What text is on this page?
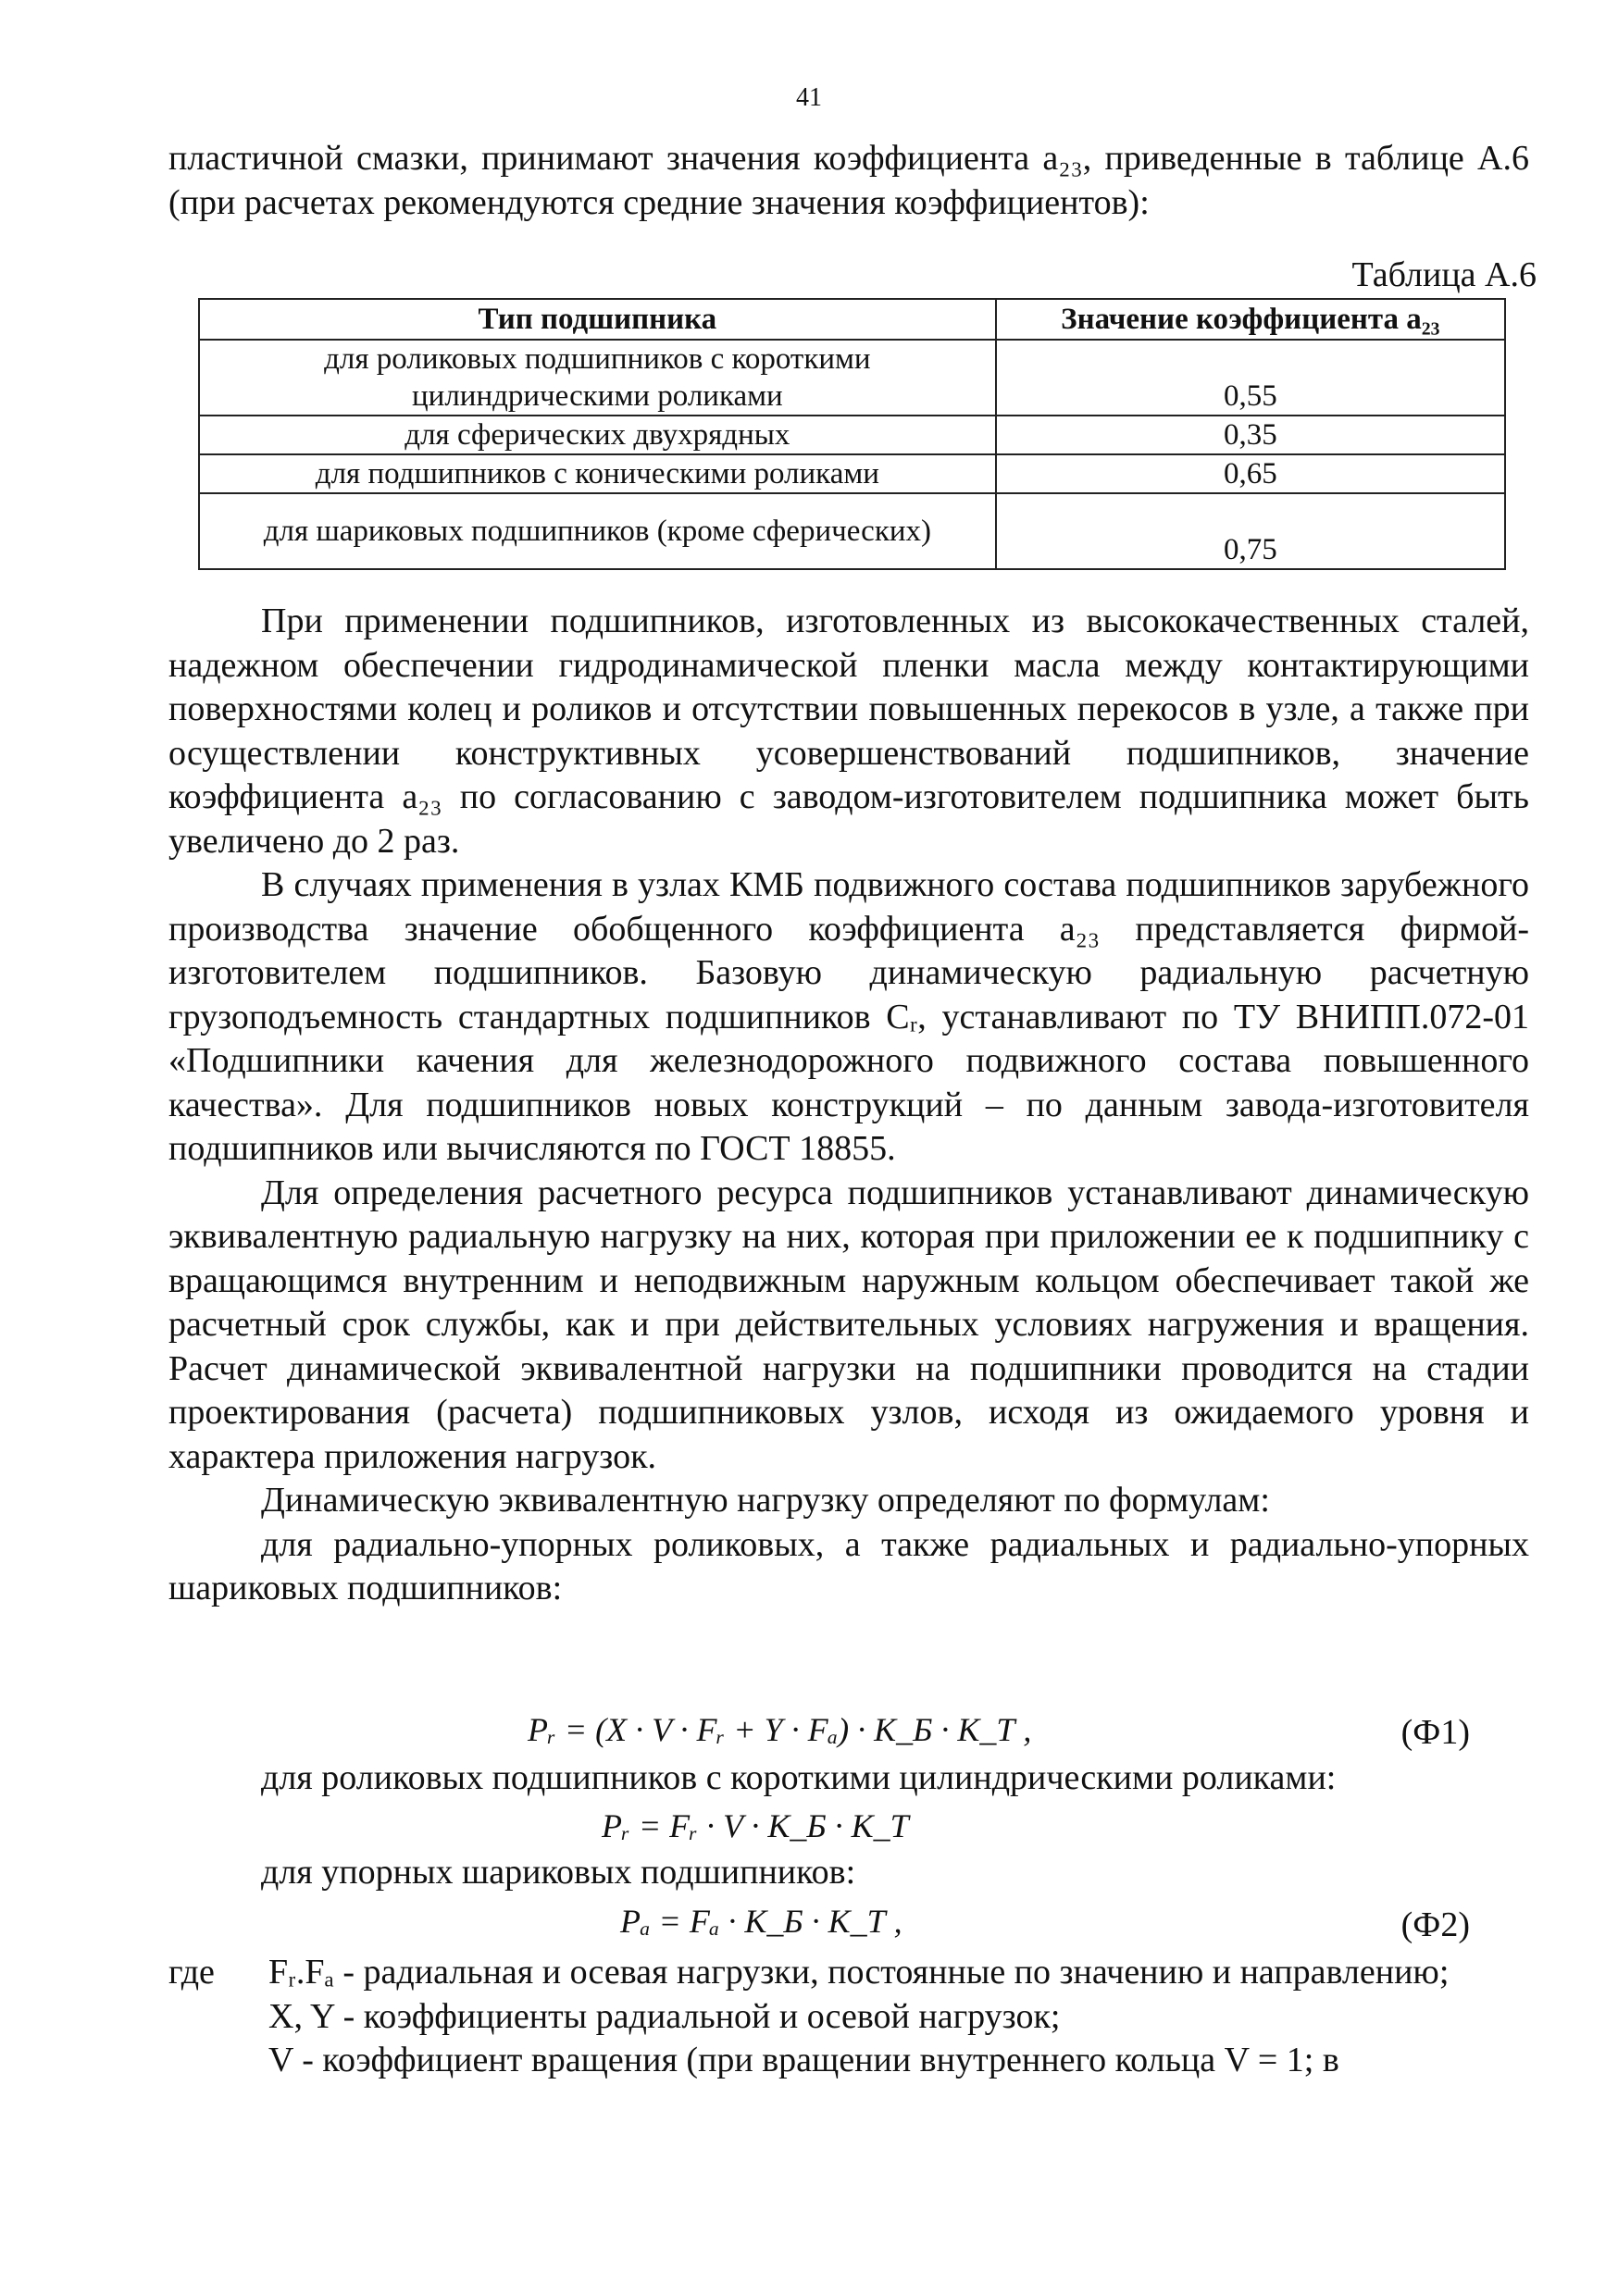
41

пластичной смазки, принимают значения коэффициента a₂₃, приведенные в таблице А.6 (при расчетах рекомендуются средние значения коэффициентов):

Таблица А.6
Тип подшипника	Значение коэффициента a₂₃
для роликовых подшипников с короткими цилиндрическими роликами	0,55
для сферических двухрядных	0,35
для подшипников с коническими роликами	0,65
для шариковых подшипников (кроме сферических)	0,75

При применении подшипников, изготовленных из высококачественных сталей, надежном обеспечении гидродинамической пленки масла между контактирующими поверхностями колец и роликов и отсутствии повышенных перекосов в узле, а также при осуществлении конструктивных усовершенствований подшипников, значение коэффициента a₂₃ по согласованию с заводом-изготовителем подшипника может быть увеличено до 2 раз.

В случаях применения в узлах КМБ подвижного состава подшипников зарубежного производства значение обобщенного коэффициента a₂₃ представляется фирмой-изготовителем подшипников. Базовую динамическую радиальную расчетную грузоподъемность стандартных подшипников Cᵣ, устанавливают по ТУ ВНИПП.072-01 «Подшипники качения для железнодорожного подвижного состава повышенного качества». Для подшипников новых конструкций – по данным завода-изготовителя подшипников или вычисляются по ГОСТ 18855.

Для определения расчетного ресурса подшипников устанавливают динамическую эквивалентную радиальную нагрузку на них, которая при приложении ее к подшипнику с вращающимся внутренним и неподвижным наружным кольцом обеспечивает такой же расчетный срок службы, как и при действительных условиях нагружения и вращения. Расчет динамической эквивалентной нагрузки на подшипники проводится на стадии проектирования (расчета) подшипниковых узлов, исходя из ожидаемого уровня и характера приложения нагрузок.

Динамическую эквивалентную нагрузку определяют по формулам:

для радиально-упорных роликовых, а также радиальных и радиально-упорных шариковых подшипников:

Pᵣ = (X · V · Fᵣ + Y · Fₐ) · K_Б · K_Т ,	(Ф1)

для роликовых подшипников с короткими цилиндрическими роликами:

Pᵣ = Fᵣ · V · K_Б · K_Т

для упорных шариковых подшипников:

Pₐ = Fₐ · K_Б · K_Т ,	(Ф2)
где Fᵣ.Fₐ - радиальная и осевая нагрузки, постоянные по значению и направлению;
X, Y - коэффициенты радиальной и осевой нагрузок;
V - коэффициент вращения (при вращении внутреннего кольца V = 1; в
